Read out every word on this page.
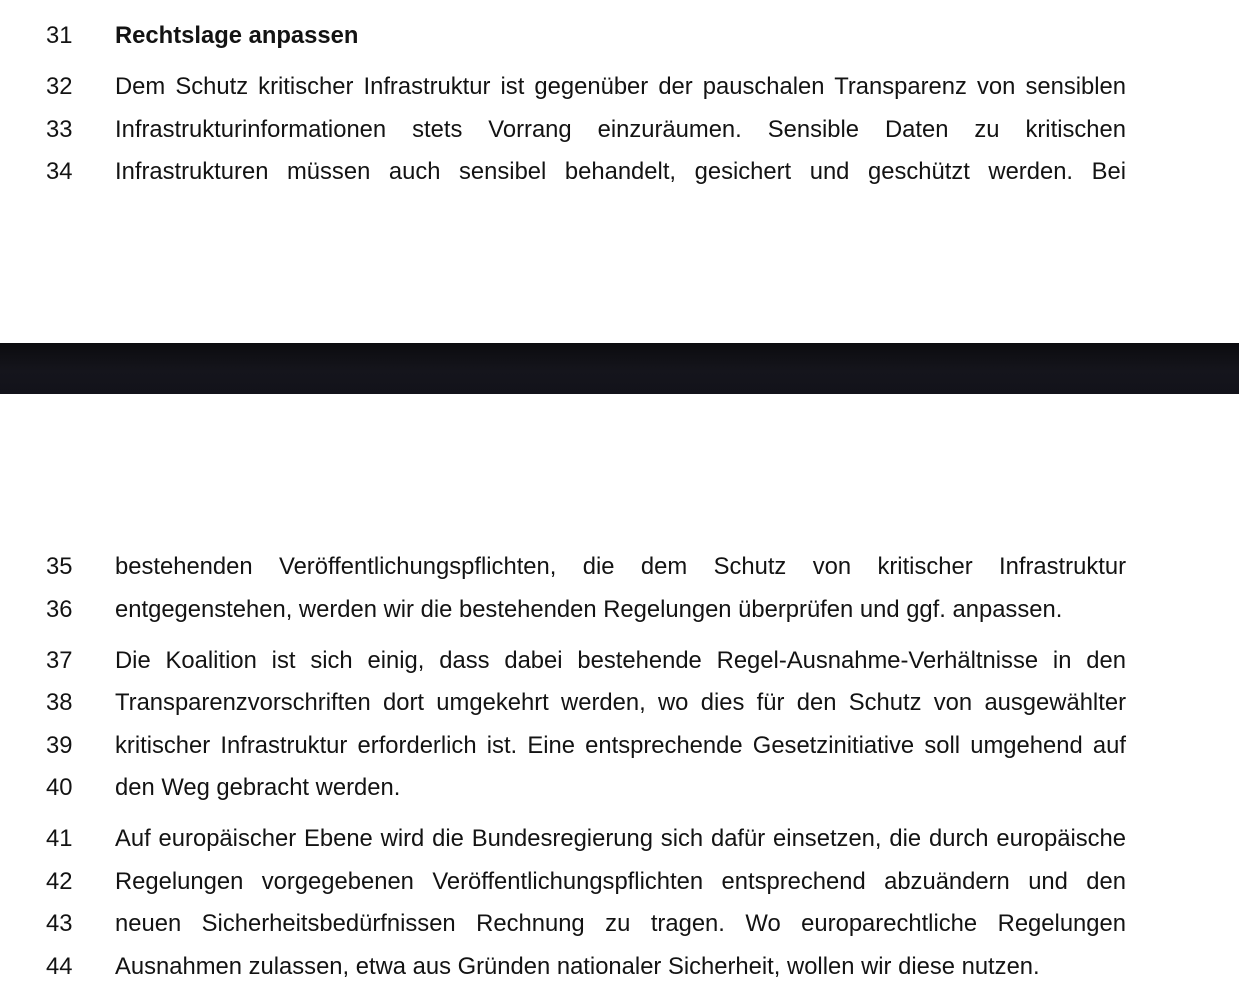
31	Rechtslage anpassen
32	Dem Schutz kritischer Infrastruktur ist gegenüber der pauschalen Transparenz von sensiblen
33	Infrastrukturinformationen stets Vorrang einzuräumen. Sensible Daten zu kritischen
34	Infrastrukturen müssen auch sensibel behandelt, gesichert und geschützt werden. Bei
35	bestehenden Veröffentlichungspflichten, die dem Schutz von kritischer Infrastruktur
36	entgegenstehen, werden wir die bestehenden Regelungen überprüfen und ggf. anpassen.
37	Die Koalition ist sich einig, dass dabei bestehende Regel-Ausnahme-Verhältnisse in den
38	Transparenzvorschriften dort umgekehrt werden, wo dies für den Schutz von ausgewählter
39	kritischer Infrastruktur erforderlich ist. Eine entsprechende Gesetzinitiative soll umgehend auf
40	den Weg gebracht werden.
41	Auf europäischer Ebene wird die Bundesregierung sich dafür einsetzen, die durch europäische
42	Regelungen vorgegebenen Veröffentlichungspflichten entsprechend abzuändern und den
43	neuen Sicherheitsbedürfnissen Rechnung zu tragen. Wo europarechtliche Regelungen
44	Ausnahmen zulassen, etwa aus Gründen nationaler Sicherheit, wollen wir diese nutzen.
